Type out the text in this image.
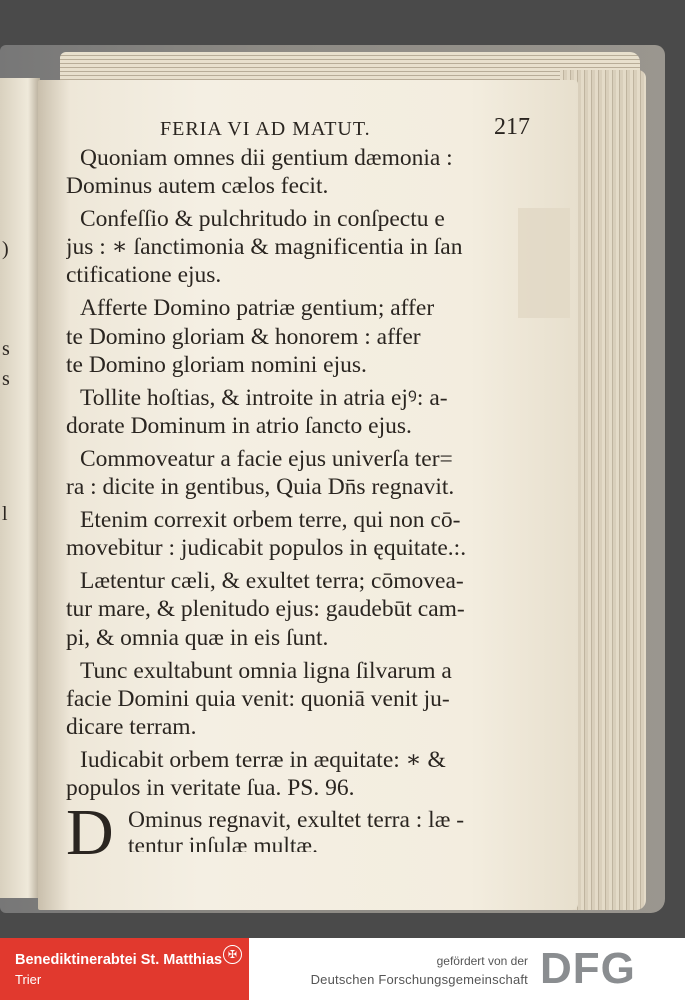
)
s
s
l
FERIA VI AD MATUT.	217
Quoniam omnes dii gentium dæmonia :
Dominus autem cælos fecit.
Confeſſio & pulchritudo in conſpectu e
jus : ∗ ſanctimonia & magnificentia in ſan
ctificatione ejus.
Afferte Domino patriæ gentium; affer
te Domino gloriam & honorem : affer
te Domino gloriam nomini ejus.
Tollite hoſtias, & introite in atria ejꝰ: a-
dorate Dominum in atrio ſancto ejus.
Commoveatur a facie ejus univerſa ter=
ra : dicite in gentibus, Quia Dn̄s regnavit.
Etenim correxit orbem terre, qui non cō-
movebitur : judicabit populos in ęquitate.:.
Lætentur cæli, & exultet terra; cōmovea-
tur mare, & plenitudo ejus: gaudebūt cam-
pi, & omnia quæ in eis ſunt.
Tunc exultabunt omnia ligna ſilvarum a
facie Domini quia venit: quoniā venit ju-
dicare terram.
Iudicabit orbem terræ in æquitate: ∗ &
populos in veritate ſua. PS. 96.
D Ominus regnavit, exultet terra : læ -
tentur inſulæ multæ.
Benediktinerabtei St. Matthias
Trier
✠	gefördert von der
Deutschen Forschungsgemeinschaft DFG
